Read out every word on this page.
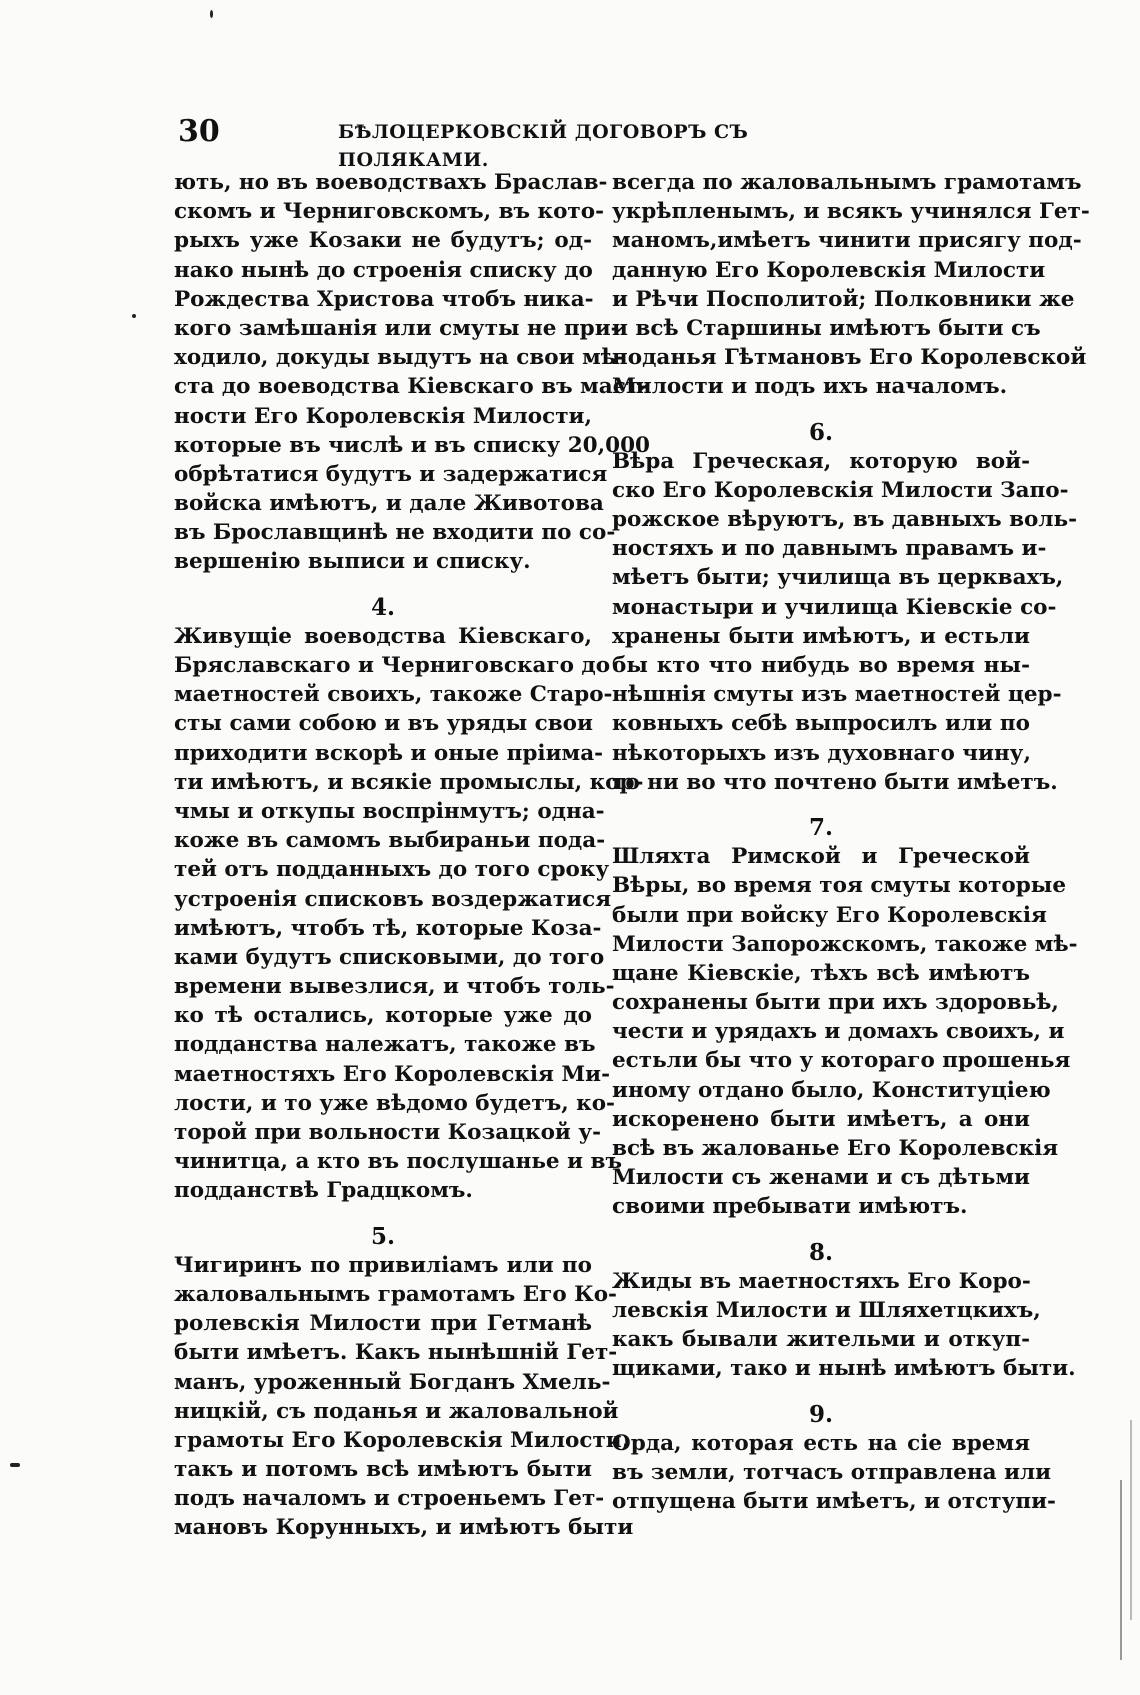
30	БѢЛОЦЕРКОВСКІЙ ДОГОВОРЪ СЪ ПОЛЯКАМИ.
ють, но въ воеводствахъ Браслав-
скомъ и Черниговскомъ, въ кото-
рыхъ уже Козаки не будутъ; од-
нако нынѣ до строенія списку до
Рождества Христова чтобъ ника-
кого замѣшанія или смуты не при-
ходило, докуды выдутъ на свои мѣ-
ста до воеводства Кіевскаго въ маєт-
ности Его Королевскія Милости,
которые въ числѣ и въ списку 20,000
обрѣтатися будутъ и задержатися
войска имѣютъ, и дале Животова
въ Брославщинѣ не входити по со-
вершенію выписи и списку.
4.
Живущіе воеводства Кіевскаго,
Бряславскаго и Черниговскаго до
маетностей своихъ, такоже Старо-
сты сами собою и въ уряды свои
приходити вскорѣ и оные пріима-
ти имѣютъ, и всякіе промыслы, кор-
чмы и откупы воспрінмутъ; одна-
коже въ самомъ выбираньи пода-
тей отъ подданныхъ до того сроку
устроенія списковъ воздержатися
имѣютъ, чтобъ тѣ, которые Коза-
ками будутъ списковыми, до того
времени вывезлися, и чтобъ толь-
ко тѣ остались, которые уже до
подданства належатъ, такоже въ
маетностяхъ Его Королевскія Ми-
лости, и то уже вѣдомо будетъ, ко-
торой при вольности Козацкой у-
чинитца, а кто въ послушанье и въ
подданствѣ Градцкомъ.
5.
Чигиринъ по привиліамъ или по
жаловальнымъ грамотамъ Его Ко-
ролевскія Милости при Гетманѣ
быти имѣетъ. Какъ нынѣшній Гет-
манъ, уроженный Богданъ Хмель-
ницкій, съ поданья и жаловальной
грамоты Его Королевскія Милости,
такъ и потомъ всѣ имѣютъ быти
подъ началомъ и строеньемъ Гет-
мановъ Корунныхъ, и имѣютъ быти
всегда по жаловальнымъ грамотамъ
укрѣпленымъ, и всякъ учинялся Гет-
маномъ,имѣетъ чинити присягу под-
данную Его Королевскія Милости
и Рѣчи Посполитой; Полковники же
и всѣ Старшины имѣютъ быти съ
поданья Гѣтмановъ Его Королевской
Милости и подъ ихъ началомъ.
6.
Вѣра Греческая, которую вой-
ско Его Королевскія Милости Запо-
рожское вѣруютъ, въ давныхъ воль-
ностяхъ и по давнымъ правамъ и-
мѣетъ быти; училища въ церквахъ,
монастыри и училища Кіевскіе со-
хранены быти имѣютъ, и естьли
бы кто что нибудь во время ны-
нѣшнія смуты изъ маетностей цер-
ковныхъ себѣ выпросилъ или по
нѣкоторыхъ изъ духовнаго чину,
то ни во что почтено быти имѣетъ.
7.
Шляхта Римской и Греческой
Вѣры, во время тоя смуты которые
были при войску Его Королевскія
Милости Запорожскомъ, такоже мѣ-
щане Кіевскіе, тѣхъ всѣ имѣютъ
сохранены быти при ихъ здоровьѣ,
чести и урядахъ и домахъ своихъ, и
естьли бы что у котораго прошенья
иному отдано было, Конституціею
искоренено быти имѣетъ, а они
всѣ въ жалованье Его Королевскія
Милости съ женами и съ дѣтьми
своими пребывати имѣютъ.
8.
Жиды въ маетностяхъ Его Коро-
левскія Милости и Шляхетцкихъ,
какъ бывали жительми и откуп-
щиками, тако и нынѣ имѣютъ быти.
9.
Орда, которая есть на сіе время
въ земли, тотчасъ отправлена или
отпущена быти имѣетъ, и отступи-
